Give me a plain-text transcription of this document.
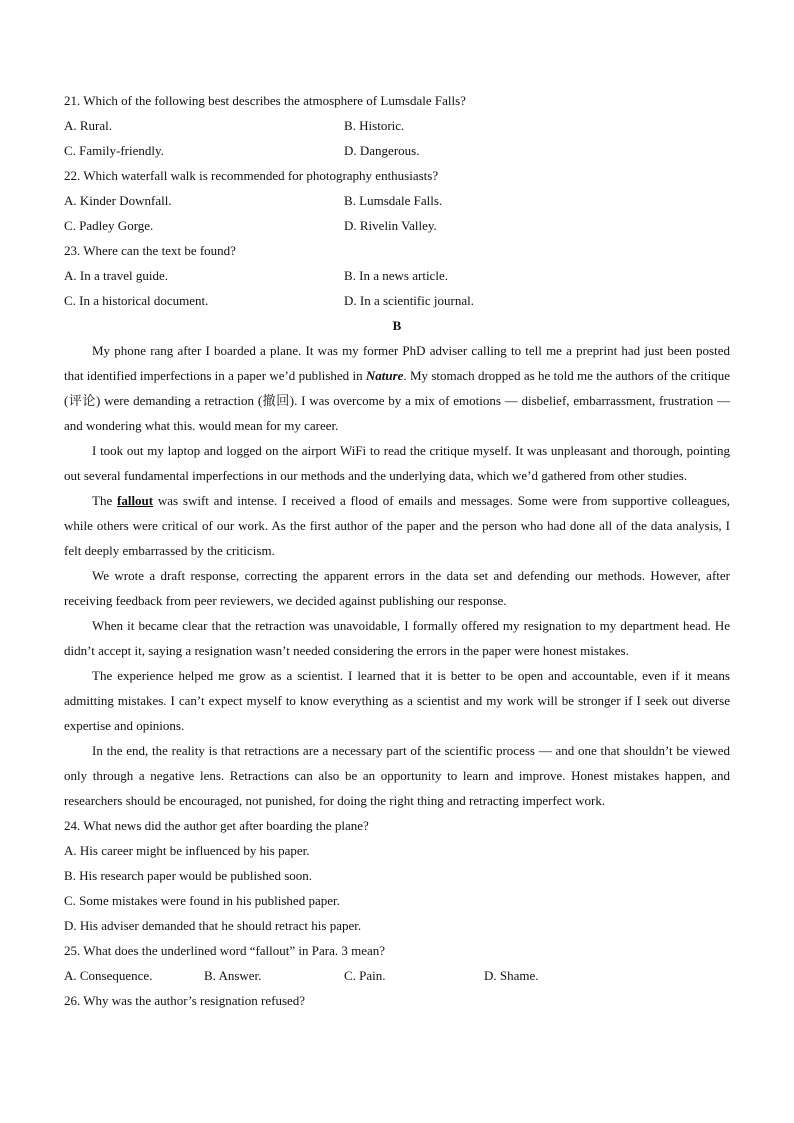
21. Which of the following best describes the atmosphere of Lumsdale Falls?
A. Rural.	B. Historic.
C. Family-friendly.	D. Dangerous.
22. Which waterfall walk is recommended for photography enthusiasts?
A. Kinder Downfall.	B. Lumsdale Falls.
C. Padley Gorge.	D. Rivelin Valley.
23. Where can the text be found?
A. In a travel guide.	B. In a news article.
C. In a historical document.	D. In a scientific journal.
B

My phone rang after I boarded a plane. It was my former PhD adviser calling to tell me a preprint had just been posted that identified imperfections in a paper we’d published in Nature. My stomach dropped as he told me the authors of the critique (评论) were demanding a retraction (撤回). I was overcome by a mix of emotions — disbelief, embarrassment, frustration — and wondering what this. would mean for my career.

I took out my laptop and logged on the airport WiFi to read the critique myself. It was unpleasant and thorough, pointing out several fundamental imperfections in our methods and the underlying data, which we’d gathered from other studies.

The fallout was swift and intense. I received a flood of emails and messages. Some were from supportive colleagues, while others were critical of our work. As the first author of the paper and the person who had done all of the data analysis, I felt deeply embarrassed by the criticism.

We wrote a draft response, correcting the apparent errors in the data set and defending our methods. However, after receiving feedback from peer reviewers, we decided against publishing our response.

When it became clear that the retraction was unavoidable, I formally offered my resignation to my department head. He didn’t accept it, saying a resignation wasn’t needed considering the errors in the paper were honest mistakes.

The experience helped me grow as a scientist. I learned that it is better to be open and accountable, even if it means admitting mistakes. I can’t expect myself to know everything as a scientist and my work will be stronger if I seek out diverse expertise and opinions.

In the end, the reality is that retractions are a necessary part of the scientific process — and one that shouldn’t be viewed only through a negative lens. Retractions can also be an opportunity to learn and improve. Honest mistakes happen, and researchers should be encouraged, not punished, for doing the right thing and retracting imperfect work.

24. What news did the author get after boarding the plane?
A. His career might be influenced by his paper.
B. His research paper would be published soon.
C. Some mistakes were found in his published paper.
D. His adviser demanded that he should retract his paper.
25. What does the underlined word “fallout” in Para. 3 mean?
A. Consequence.	B. Answer.	C. Pain.	D. Shame.
26. Why was the author’s resignation refused?
